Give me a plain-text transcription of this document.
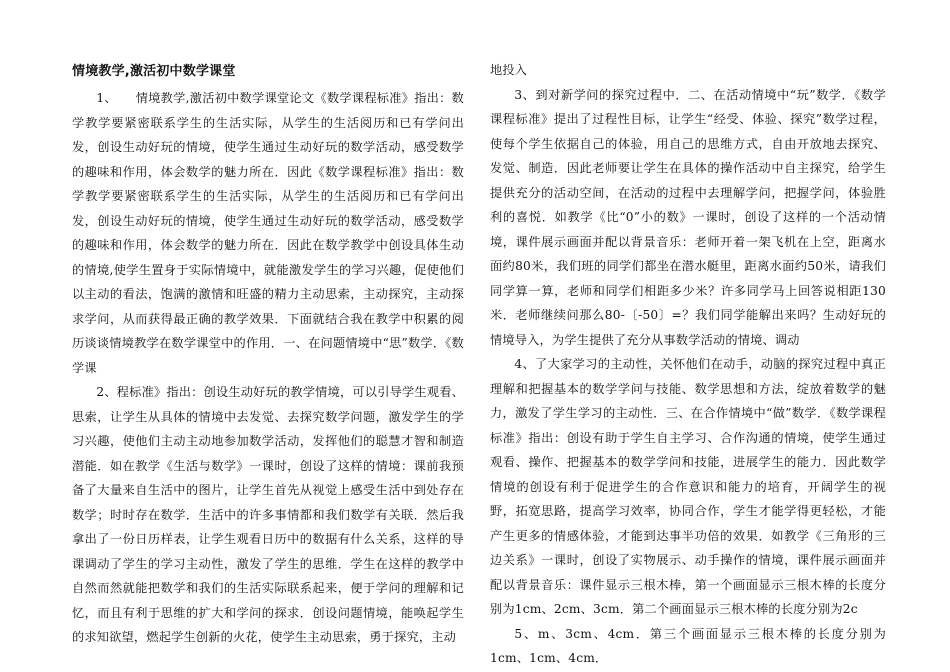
情境教学,激活初中数学课堂

1、　　情境教学,激活初中数学课堂论文《数学课程标准》指出：数学教学要紧密联系学生的生活实际，从学生的生活阅历和已有学问出发，创设生动好玩的情境，使学生通过生动好玩的数学活动，感受数学的趣味和作用，体会数学的魅力所在．因此《数学课程标准》指出：数学教学要紧密联系学生的生活实际，从学生的生活阅历和已有学问出发，创设生动好玩的情境，使学生通过生动好玩的数学活动，感受数学的趣味和作用，体会数学的魅力所在．因此在数学教学中创设具体生动的情境,使学生置身于实际情境中，就能激发学生的学习兴趣，促使他们以主动的看法，饱满的激情和旺盛的精力主动思索，主动探究，主动探求学问，从而获得最正确的教学效果．下面就结合我在教学中积累的阅历谈谈情境教学在数学课堂中的作用．一、在问题情境中“思”数学．《数学课

2、程标准》指出：创设生动好玩的教学情境，可以引导学生观看、思索，让学生从具体的情境中去发觉、去探究数学问题，激发学生的学习兴趣，使他们主动主动地参加数学活动，发挥他们的聪慧才智和制造潜能．如在教学《生活与数学》一课时，创设了这样的情境：课前我预备了大量来自生活中的图片，让学生首先从视觉上感受生活中到处存在数学；时时存在数学．生活中的许多事情都和我们数学有关联．然后我拿出了一份日历样表，让学生观看日历中的数据有什么关系，这样的导课调动了学生的学习主动性，激发了学生的思维．学生在这样的教学中自然而然就能把数学和我们的生活实际联系起来，便于学问的理解和记忆，而且有利于思维的扩大和学问的探求．创设问题情境，能唤起学生的求知欲望，燃起学生创新的火花，使学生主动思索，勇于探究，主动

地投入

3、到对新学问的探究过程中．二、在活动情境中“玩”数学．《数学课程标准》提出了过程性目标，让学生“经受、体验、探究”数学过程，使每个学生依据自己的体验，用自己的思维方式，自由开放地去探究、发觉、制造．因此老师要让学生在具体的操作活动中自主探究，给学生提供充分的活动空间，在活动的过程中去理解学问，把握学问，体验胜利的喜悦．如教学《比“0”小的数》一课时，创设了这样的一个活动情境，课件展示画面并配以背景音乐：老师开着一架飞机在上空，距离水面约80米，我们班的同学们都坐在潜水艇里，距离水面约50米，请我们同学算一算，老师和同学们相距多少米？许多同学马上回答说相距130米．老师继续问那么80-〔-50〕=？我们同学能解出来吗？生动好玩的情境导入，为学生提供了充分从事数学活动的情境、调动

4、了大家学习的主动性，关怀他们在动手，动脑的探究过程中真正理解和把握基本的数学学问与技能、数学思想和方法，绽放着数学的魅力，激发了学生学习的主动性．三、在合作情境中“做”数学．《数学课程标准》指出：创设有助于学生自主学习、合作沟通的情境，使学生通过观看、操作、把握基本的数学学问和技能，进展学生的能力．因此数学情境的创设有利于促进学生的合作意识和能力的培育，开阔学生的视野，拓宽思路，提高学习效率，协同合作，学生才能学得更轻松，才能产生更多的情感体验，才能到达事半功倍的效果．如教学《三角形的三边关系》一课时，创设了实物展示、动手操作的情境，课件展示画面并配以背景音乐：课件显示三根木棒，第一个画面显示三根木棒的长度分别为1cm、2cm、3cm．第二个画面显示三根木棒的长度分别为2c

5、m、3cm、4cm．第三个画面显示三根木棒的长度分别为1cm、1cm、4cm．
